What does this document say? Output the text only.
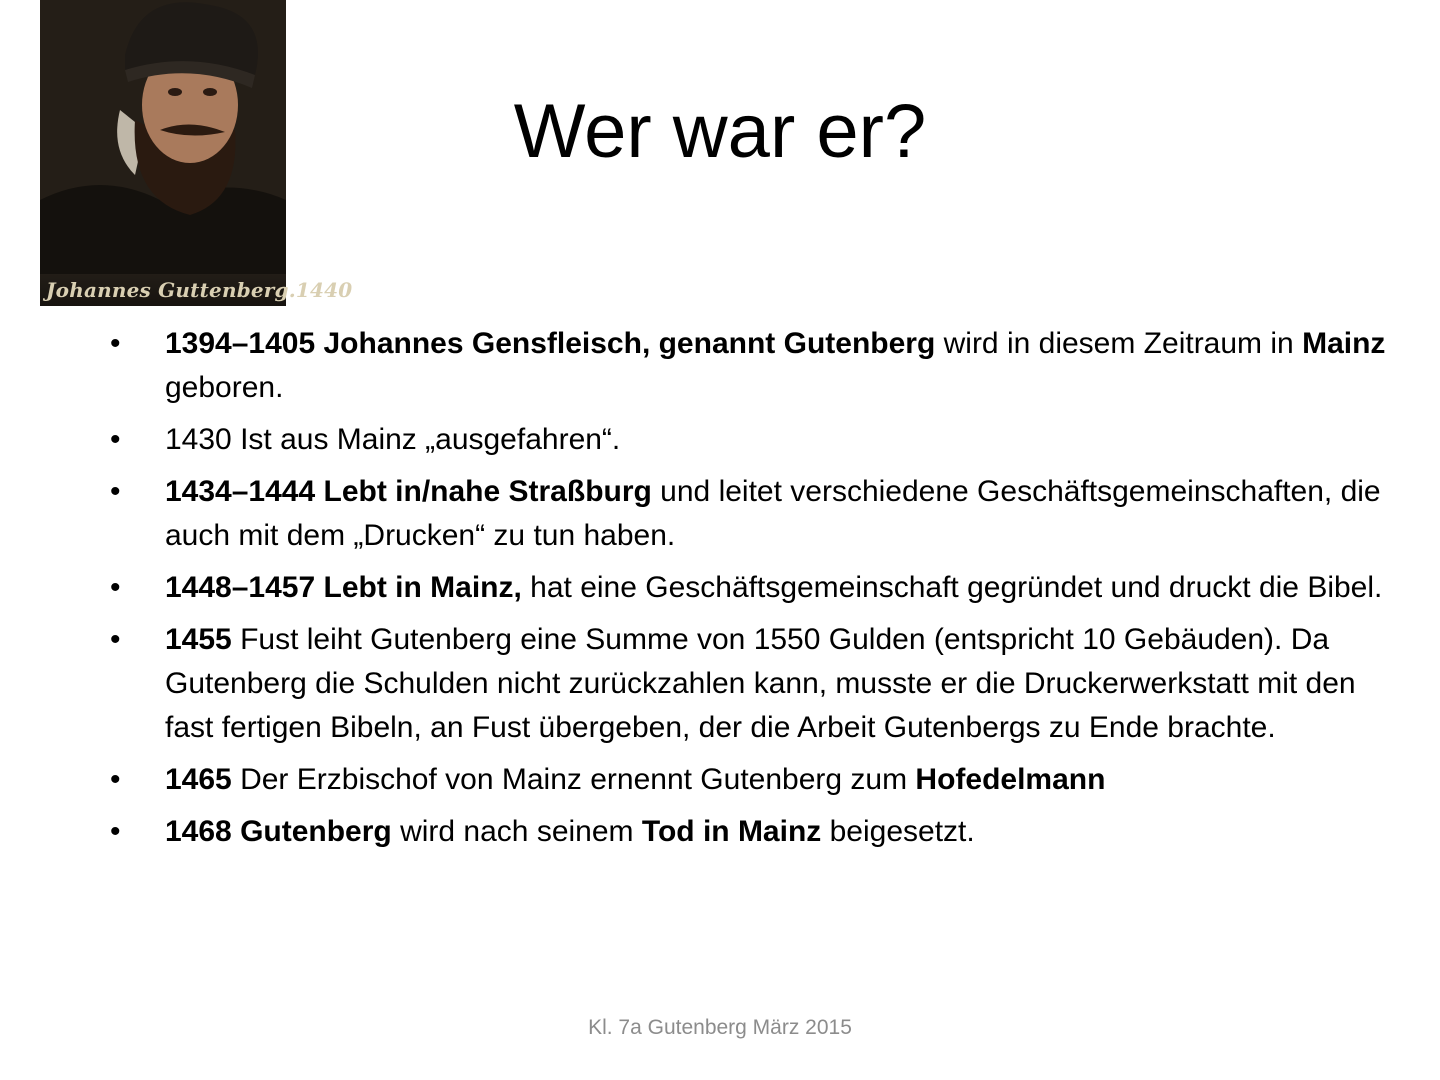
Johannes Guttenberg.1440
Wer war er?
• 1394–1405 Johannes Gensfleisch, genannt Gutenberg wird in diesem Zeitraum in Mainz geboren.
• 1430 Ist aus Mainz „ausgefahren“.
• 1434–1444 Lebt in/nahe Straßburg und leitet verschiedene Geschäftsgemeinschaften, die auch mit dem „Drucken“ zu tun haben.
• 1448–1457 Lebt in Mainz, hat eine Geschäftsgemeinschaft gegründet und druckt die Bibel.
• 1455 Fust leiht Gutenberg eine Summe von 1550 Gulden (entspricht 10 Gebäuden). Da Gutenberg die Schulden nicht zurückzahlen kann, musste er die Druckerwerkstatt mit den fast fertigen Bibeln, an Fust übergeben, der die Arbeit Gutenbergs zu Ende brachte.
• 1465 Der Erzbischof von Mainz ernennt Gutenberg zum Hofedelmann
• 1468 Gutenberg wird nach seinem Tod in Mainz beigesetzt.
Kl. 7a Gutenberg März 2015
